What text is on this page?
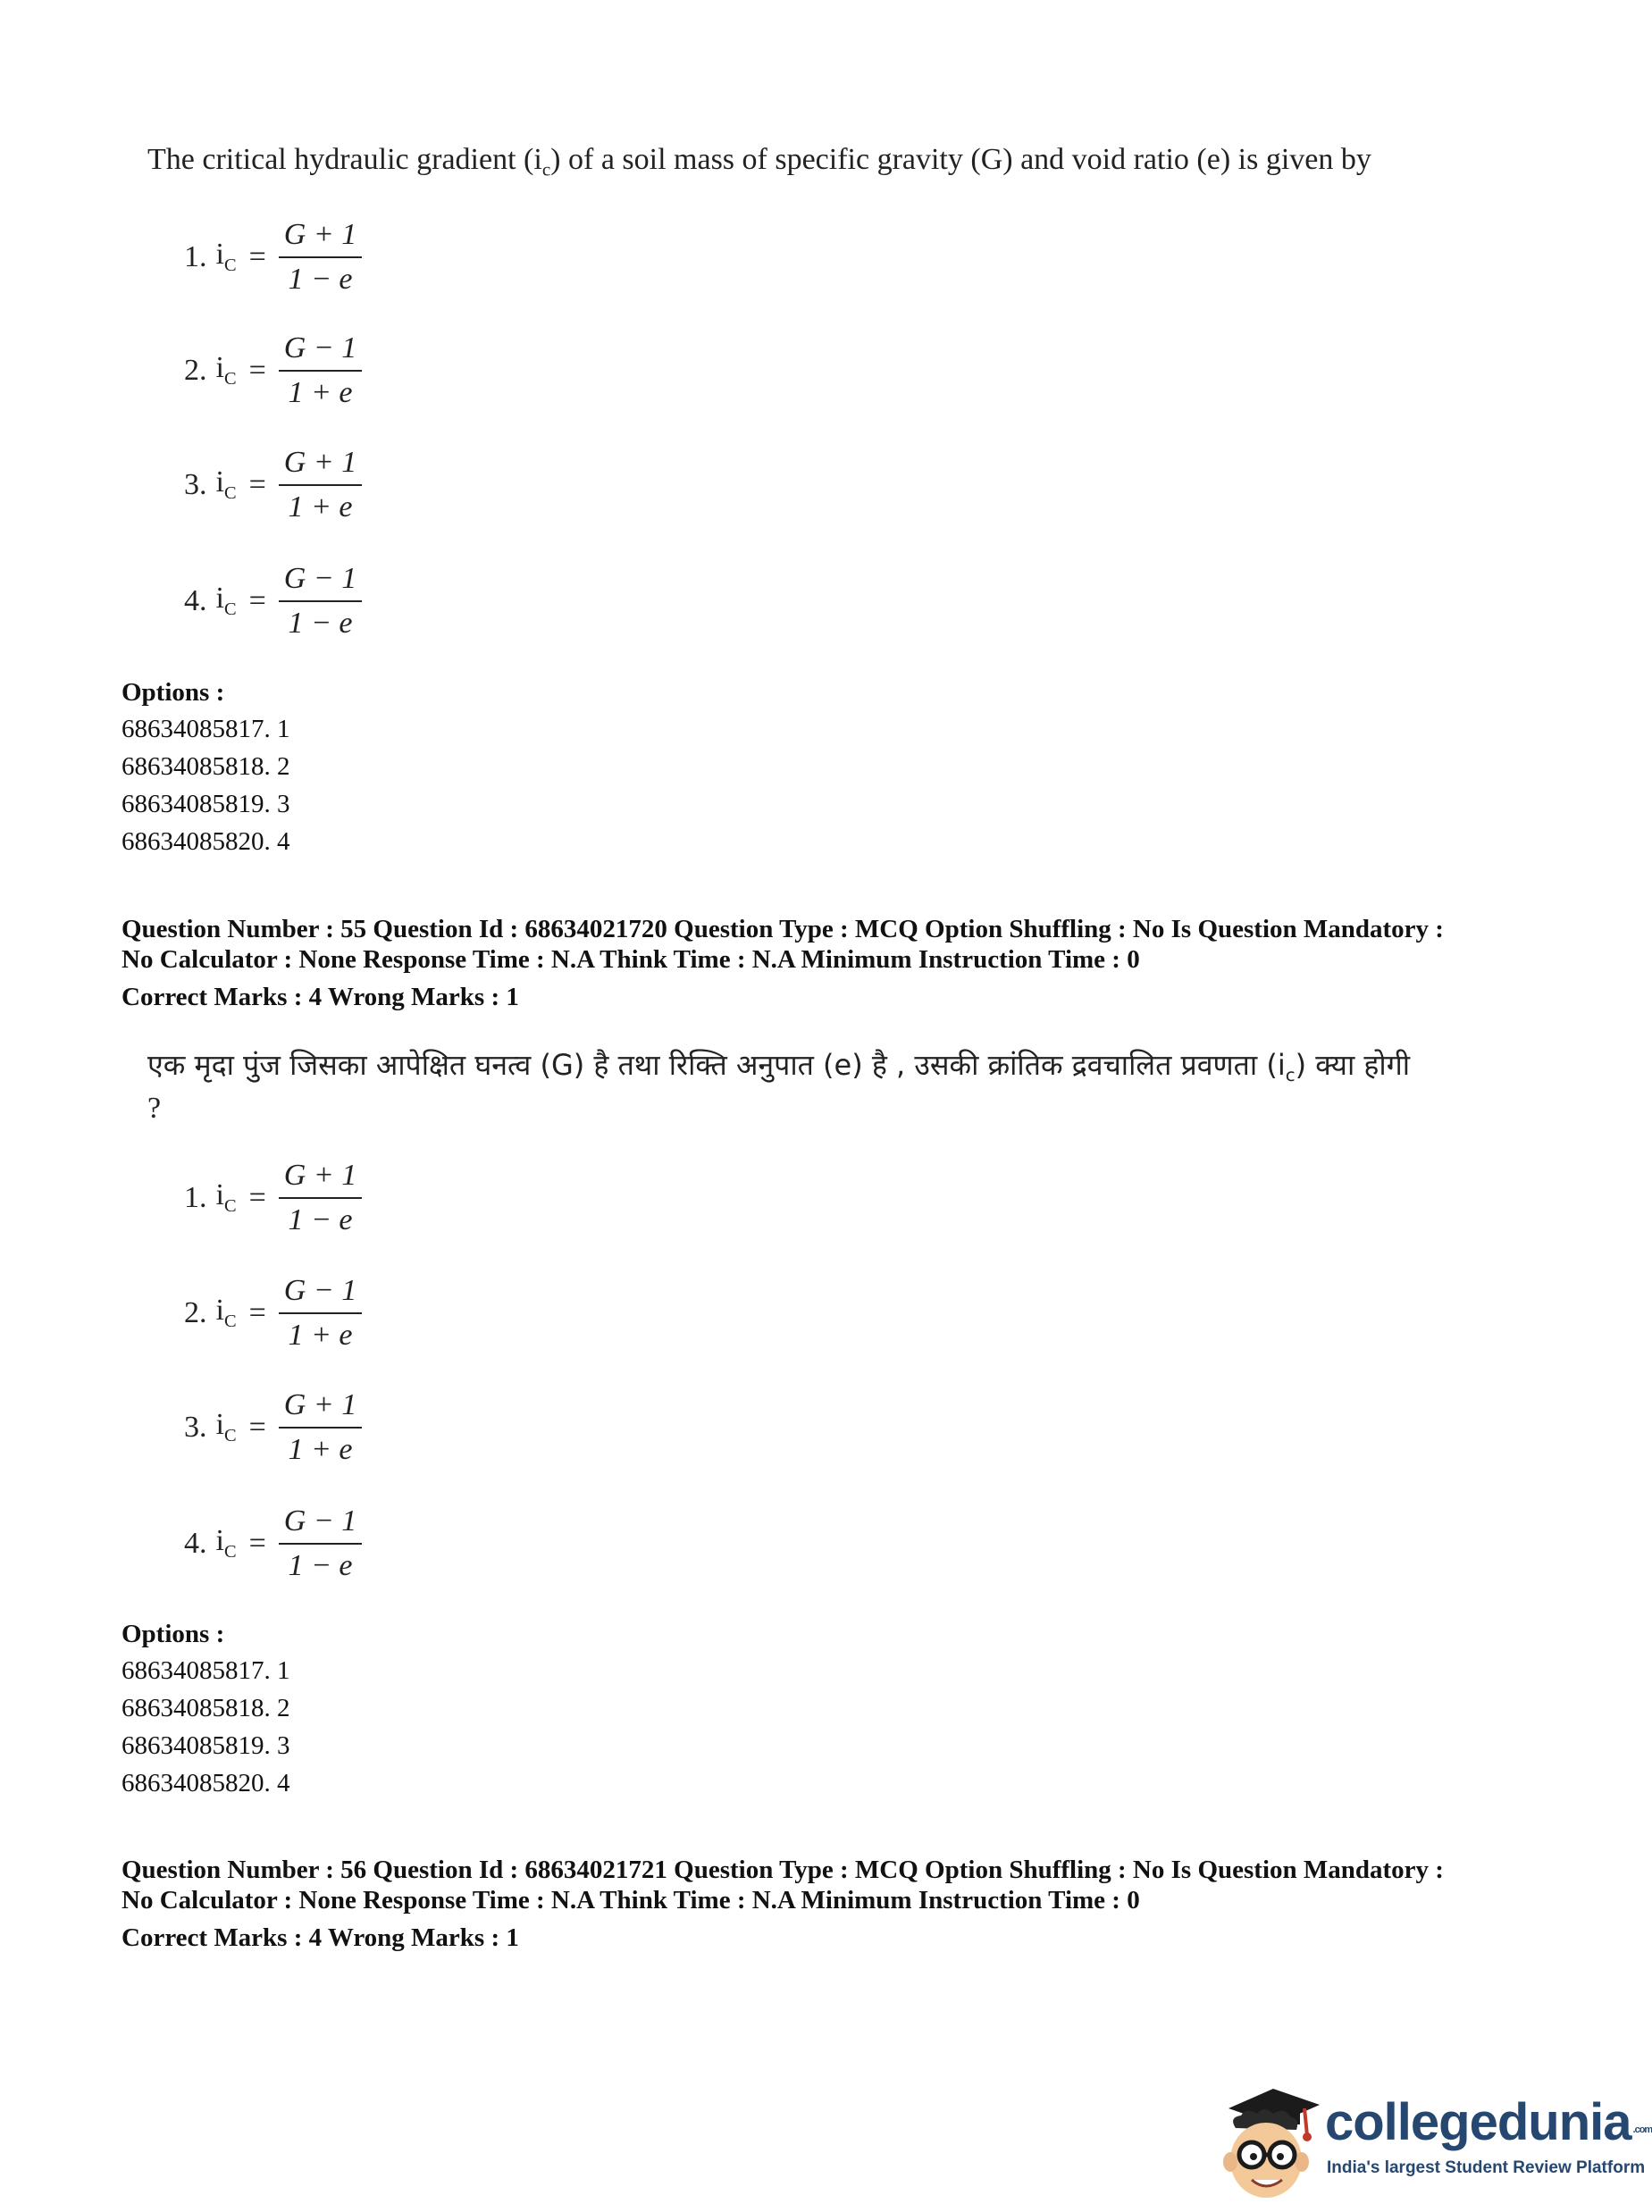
The critical hydraulic gradient $(i_c)$ of a soil mass of specific gravity (G) and void ratio (e) is given by
1. $i_C = \frac{G + 1}{1 - e}$
2. $i_C = \frac{G - 1}{1 + e}$
3. $i_C = \frac{G + 1}{1 + e}$
4. $i_C = \frac{G - 1}{1 - e}$
Options :
68634085817. 1
68634085818. 2
68634085819. 3
68634085820. 4
Question Number : 55 Question Id : 68634021720 Question Type : MCQ Option Shuffling : No Is Question Mandatory :
No Calculator : None Response Time : N.A Think Time : N.A Minimum Instruction Time : 0
Correct Marks : 4 Wrong Marks : 1
एक मृदा पुंज जिसका आपेक्षित घनत्व (G) है तथा रिक्ति अनुपात (e) है , उसकी क्रांतिक द्रवचालित प्रवणता $(i_c)$ क्या होगी
?
1. $i_C = \frac{G + 1}{1 - e}$
2. $i_C = \frac{G - 1}{1 + e}$
3. $i_C = \frac{G + 1}{1 + e}$
4. $i_C = \frac{G - 1}{1 - e}$
Options :
68634085817. 1
68634085818. 2
68634085819. 3
68634085820. 4
Question Number : 56 Question Id : 68634021721 Question Type : MCQ Option Shuffling : No Is Question Mandatory :
No Calculator : None Response Time : N.A Think Time : N.A Minimum Instruction Time : 0
Correct Marks : 4 Wrong Marks : 1
collegedunia .com
India's largest Student Review Platform
